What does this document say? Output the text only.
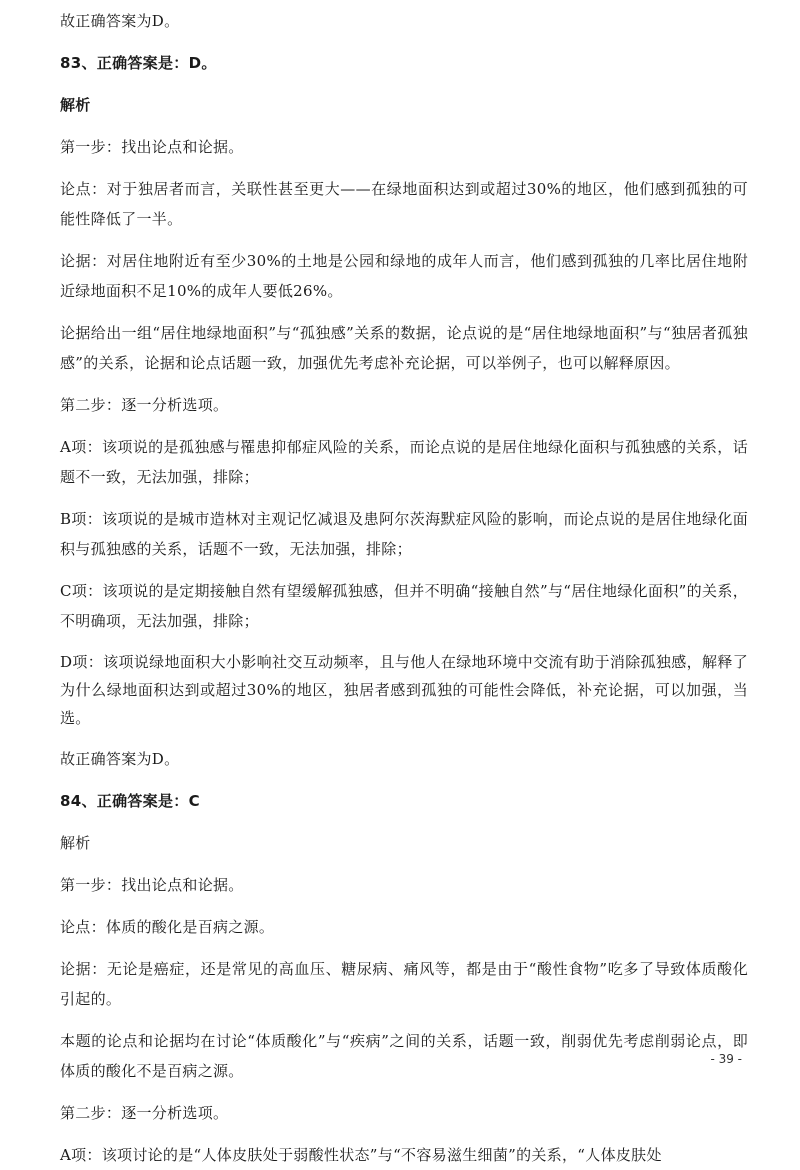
故正确答案为D。

83、正确答案是：D。

解析

第一步：找出论点和论据。

论点：对于独居者而言，关联性甚至更大——在绿地面积达到或超过30%的地区，他们感到孤独的可能性降低了一半。

论据：对居住地附近有至少30%的土地是公园和绿地的成年人而言，他们感到孤独的几率比居住地附近绿地面积不足10%的成年人要低26%。

论据给出一组“居住地绿地面积”与“孤独感”关系的数据，论点说的是“居住地绿地面积”与“独居者孤独感”的关系，论据和论点话题一致，加强优先考虑补充论据，可以举例子，也可以解释原因。

第二步：逐一分析选项。

A项：该项说的是孤独感与罹患抑郁症风险的关系，而论点说的是居住地绿化面积与孤独感的关系，话题不一致，无法加强，排除；

B项：该项说的是城市造林对主观记忆减退及患阿尔茨海默症风险的影响，而论点说的是居住地绿化面积与孤独感的关系，话题不一致，无法加强，排除；

C项：该项说的是定期接触自然有望缓解孤独感，但并不明确“接触自然”与“居住地绿化面积”的关系，不明确项，无法加强，排除；

D项：该项说绿地面积大小影响社交互动频率，且与他人在绿地环境中交流有助于消除孤独感，解释了为什么绿地面积达到或超过30%的地区，独居者感到孤独的可能性会降低，补充论据，可以加强，当选。

故正确答案为D。

84、正确答案是：C

解析

第一步：找出论点和论据。

论点：体质的酸化是百病之源。

论据：无论是癌症，还是常见的高血压、糖尿病、痛风等，都是由于“酸性食物”吃多了导致体质酸化引起的。

本题的论点和论据均在讨论“体质酸化”与“疾病”之间的关系，话题一致，削弱优先考虑削弱论点，即体质的酸化不是百病之源。

第二步：逐一分析选项。

A项：该项讨论的是“人体皮肤处于弱酸性状态”与“不容易滋生细菌”的关系，“人体皮肤处

- 39 -
